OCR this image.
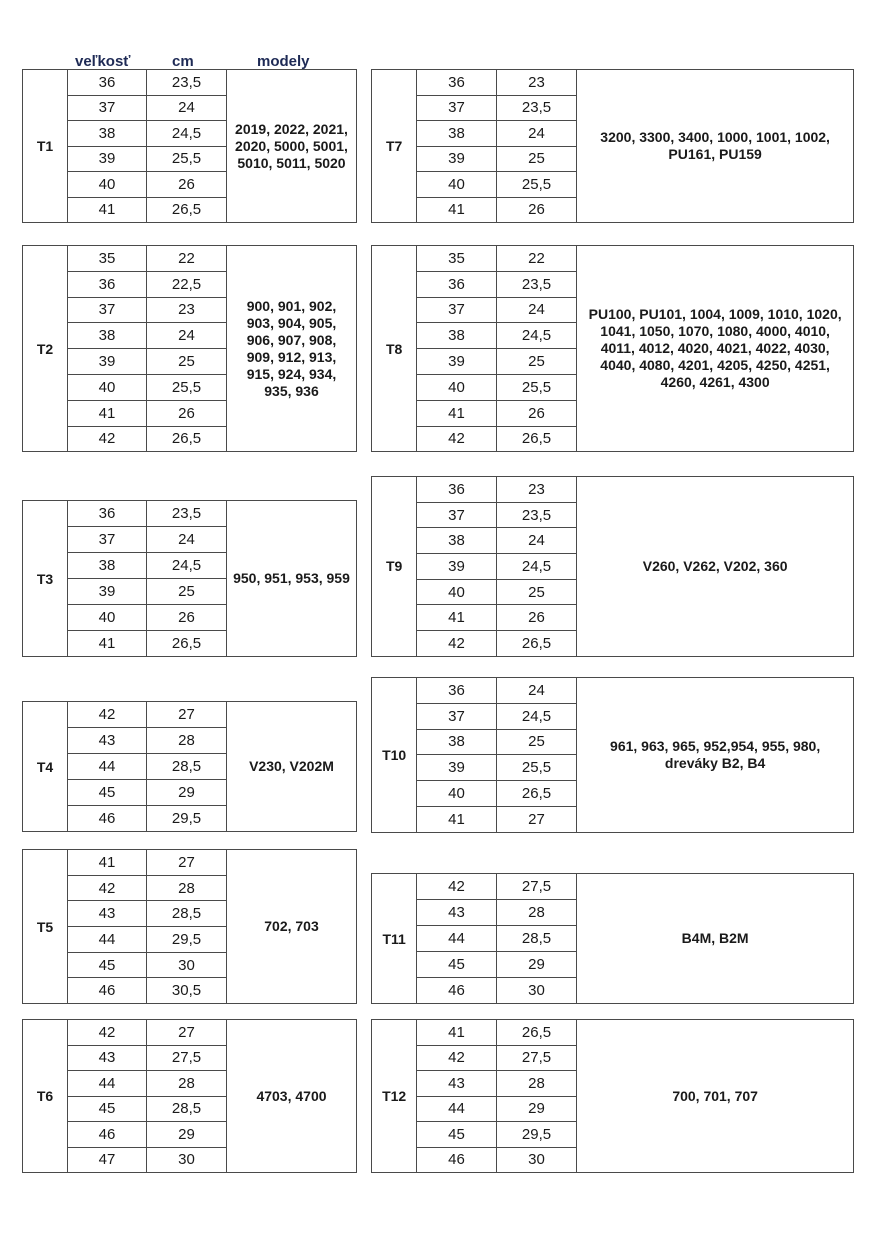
veľkosť	cm	modely
T1	36	23,5	2019, 2022, 2021, 2020, 5000, 5001, 5010, 5011, 5020
	37	24	
	38	24,5	
	39	25,5	
	40	26	
	41	26,5	
T2	35	22	900, 901, 902, 903, 904, 905, 906, 907, 908, 909, 912, 913, 915, 924, 934, 935, 936
	36	22,5	
	37	23	
	38	24	
	39	25	
	40	25,5	
	41	26	
	42	26,5	
T3	36	23,5	950, 951, 953, 959
	37	24	
	38	24,5	
	39	25	
	40	26	
	41	26,5	
T4	42	27	V230, V202M
	43	28	
	44	28,5	
	45	29	
	46	29,5	
T5	41	27	702, 703
	42	28	
	43	28,5	
	44	29,5	
	45	30	
	46	30,5	
T6	42	27	4703, 4700
	43	27,5	
	44	28	
	45	28,5	
	46	29	
	47	30	
T7	36	23	3200, 3300, 3400, 1000, 1001, 1002, PU161, PU159
	37	23,5	
	38	24	
	39	25	
	40	25,5	
	41	26	
T8	35	22	PU100, PU101, 1004, 1009, 1010, 1020, 1041, 1050, 1070, 1080, 4000, 4010, 4011, 4012, 4020, 4021, 4022, 4030, 4040, 4080, 4201, 4205, 4250, 4251, 4260, 4261, 4300
	36	23,5	
	37	24	
	38	24,5	
	39	25	
	40	25,5	
	41	26	
	42	26,5	
T9	36	23	V260, V262, V202, 360
	37	23,5	
	38	24	
	39	24,5	
	40	25	
	41	26	
	42	26,5	
T10	36	24	961, 963, 965, 952,954, 955, 980, dreváky B2, B4
	37	24,5	
	38	25	
	39	25,5	
	40	26,5	
	41	27	
T11	42	27,5	B4M, B2M
	43	28	
	44	28,5	
	45	29	
	46	30	
T12	41	26,5	700, 701, 707
	42	27,5	
	43	28	
	44	29	
	45	29,5	
	46	30	
